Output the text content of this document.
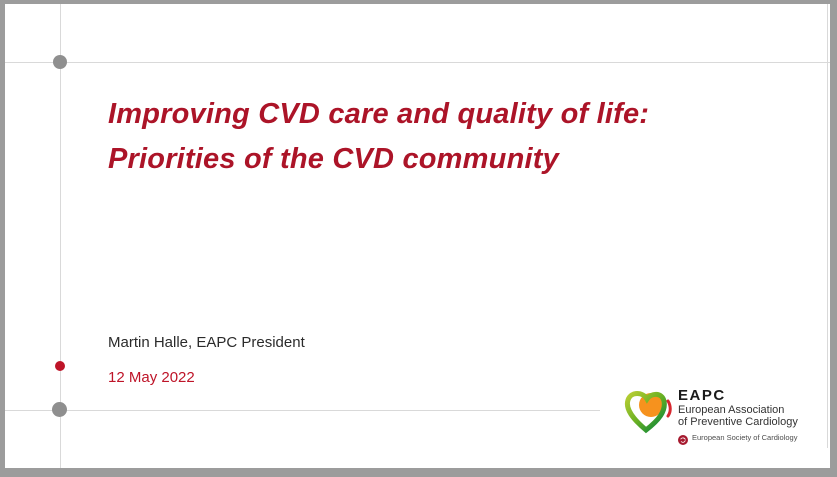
Improving CVD care and quality of life:
Priorities of the CVD community
Martin Halle, EAPC President
12 May 2022
EAPC
European Association
of Preventive Cardiology
European Society of Cardiology
